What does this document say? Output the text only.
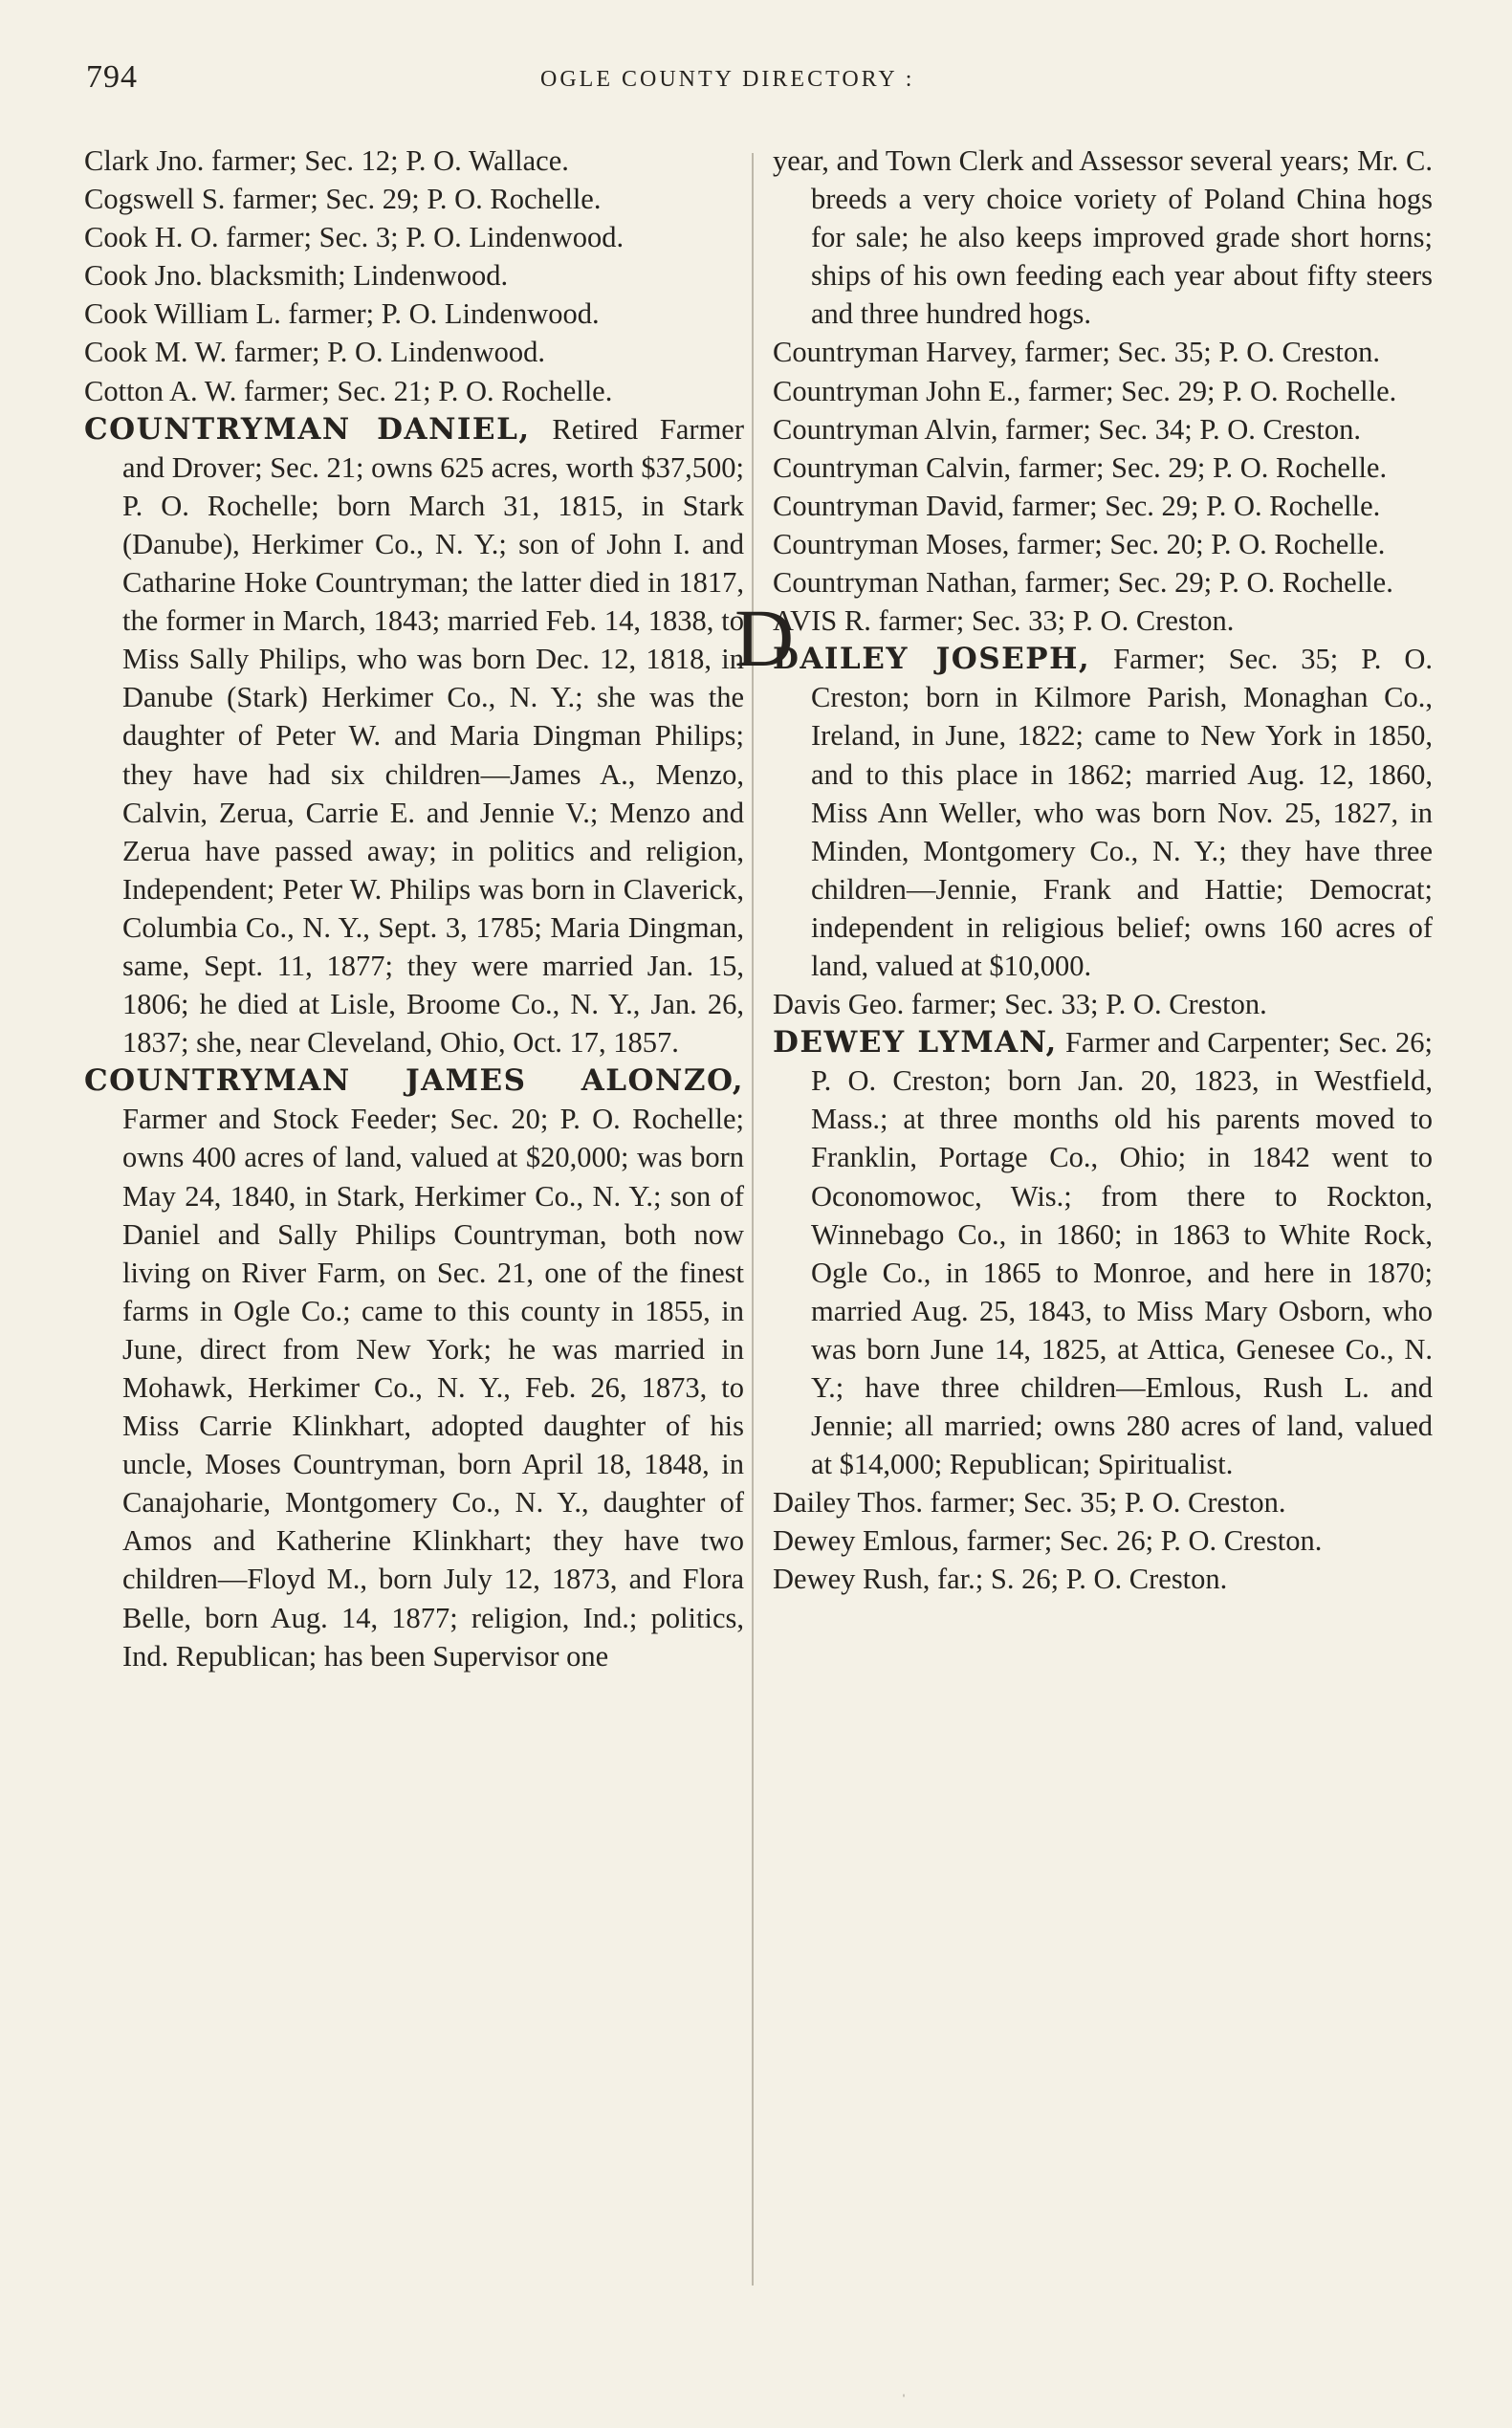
794	OGLE COUNTY DIRECTORY :

Clark Jno. farmer; Sec. 12; P. O. Wallace.

Cogswell S. farmer; Sec. 29; P. O. Rochelle.

Cook H. O. farmer; Sec. 3; P. O. Lindenwood.

Cook Jno. blacksmith; Lindenwood.

Cook William L. farmer; P. O. Lindenwood.

Cook M. W. farmer; P. O. Lindenwood.

Cotton A. W. farmer; Sec. 21; P. O. Rochelle.

COUNTRYMAN DANIEL, Retired Farmer and Drover; Sec. 21; owns 625 acres, worth $37,500; P. O. Rochelle; born March 31, 1815, in Stark (Danube), Herkimer Co., N. Y.; son of John I. and Catharine Hoke Countryman; the latter died in 1817, the former in March, 1843; married Feb. 14, 1838, to Miss Sally Philips, who was born Dec. 12, 1818, in Danube (Stark) Herkimer Co., N. Y.; she was the daughter of Peter W. and Maria Dingman Philips; they have had six children—James A., Menzo, Calvin, Zerua, Carrie E. and Jennie V.; Menzo and Zerua have passed away; in politics and religion, Independent; Peter W. Philips was born in Claverick, Columbia Co., N. Y., Sept. 3, 1785; Maria Dingman, same, Sept. 11, 1877; they were married Jan. 15, 1806; he died at Lisle, Broome Co., N. Y., Jan. 26, 1837; she, near Cleveland, Ohio, Oct. 17, 1857.

COUNTRYMAN JAMES ALONZO, Farmer and Stock Feeder; Sec. 20; P. O. Rochelle; owns 400 acres of land, valued at $20,000; was born May 24, 1840, in Stark, Herkimer Co., N. Y.; son of Daniel and Sally Philips Countryman, both now living on River Farm, on Sec. 21, one of the finest farms in Ogle Co.; came to this county in 1855, in June, direct from New York; he was married in Mohawk, Herkimer Co., N. Y., Feb. 26, 1873, to Miss Carrie Klinkhart, adopted daughter of his uncle, Moses Countryman, born April 18, 1848, in Canajoharie, Montgomery Co., N. Y., daughter of Amos and Katherine Klinkhart; they have two children—Floyd M., born July 12, 1873, and Flora Belle, born Aug. 14, 1877; religion, Ind.; politics, Ind. Republican; has been Supervisor one

year, and Town Clerk and Assessor several years; Mr. C. breeds a very choice voriety of Poland China hogs for sale; he also keeps improved grade short horns; ships of his own feeding each year about fifty steers and three hundred hogs.

Countryman Harvey, farmer; Sec. 35; P. O. Creston.

Countryman John E., farmer; Sec. 29; P. O. Rochelle.

Countryman Alvin, farmer; Sec. 34; P. O. Creston.

Countryman Calvin, farmer; Sec. 29; P. O. Rochelle.

Countryman David, farmer; Sec. 29; P. O. Rochelle.

Countryman Moses, farmer; Sec. 20; P. O. Rochelle.

Countryman Nathan, farmer; Sec. 29; P. O. Rochelle.

D
AVIS R. farmer; Sec. 33; P. O. Creston.

DAILEY JOSEPH, Farmer; Sec. 35; P. O. Creston; born in Kilmore Parish, Monaghan Co., Ireland, in June, 1822; came to New York in 1850, and to this place in 1862; married Aug. 12, 1860, Miss Ann Weller, who was born Nov. 25, 1827, in Minden, Montgomery Co., N. Y.; they have three children—Jennie, Frank and Hattie; Democrat; independent in religious belief; owns 160 acres of land, valued at $10,000.

Davis Geo. farmer; Sec. 33; P. O. Creston.

DEWEY LYMAN, Farmer and Carpenter; Sec. 26; P. O. Creston; born Jan. 20, 1823, in Westfield, Mass.; at three months old his parents moved to Franklin, Portage Co., Ohio; in 1842 went to Oconomowoc, Wis.; from there to Rockton, Winnebago Co., in 1860; in 1863 to White Rock, Ogle Co., in 1865 to Monroe, and here in 1870; married Aug. 25, 1843, to Miss Mary Osborn, who was born June 14, 1825, at Attica, Genesee Co., N. Y.; have three children—Emlous, Rush L. and Jennie; all married; owns 280 acres of land, valued at $14,000; Republican; Spiritualist.

Dailey Thos. farmer; Sec. 35; P. O. Creston.

Dewey Emlous, farmer; Sec. 26; P. O. Creston.

Dewey Rush, far.; S. 26; P. O. Creston.

ˈ
